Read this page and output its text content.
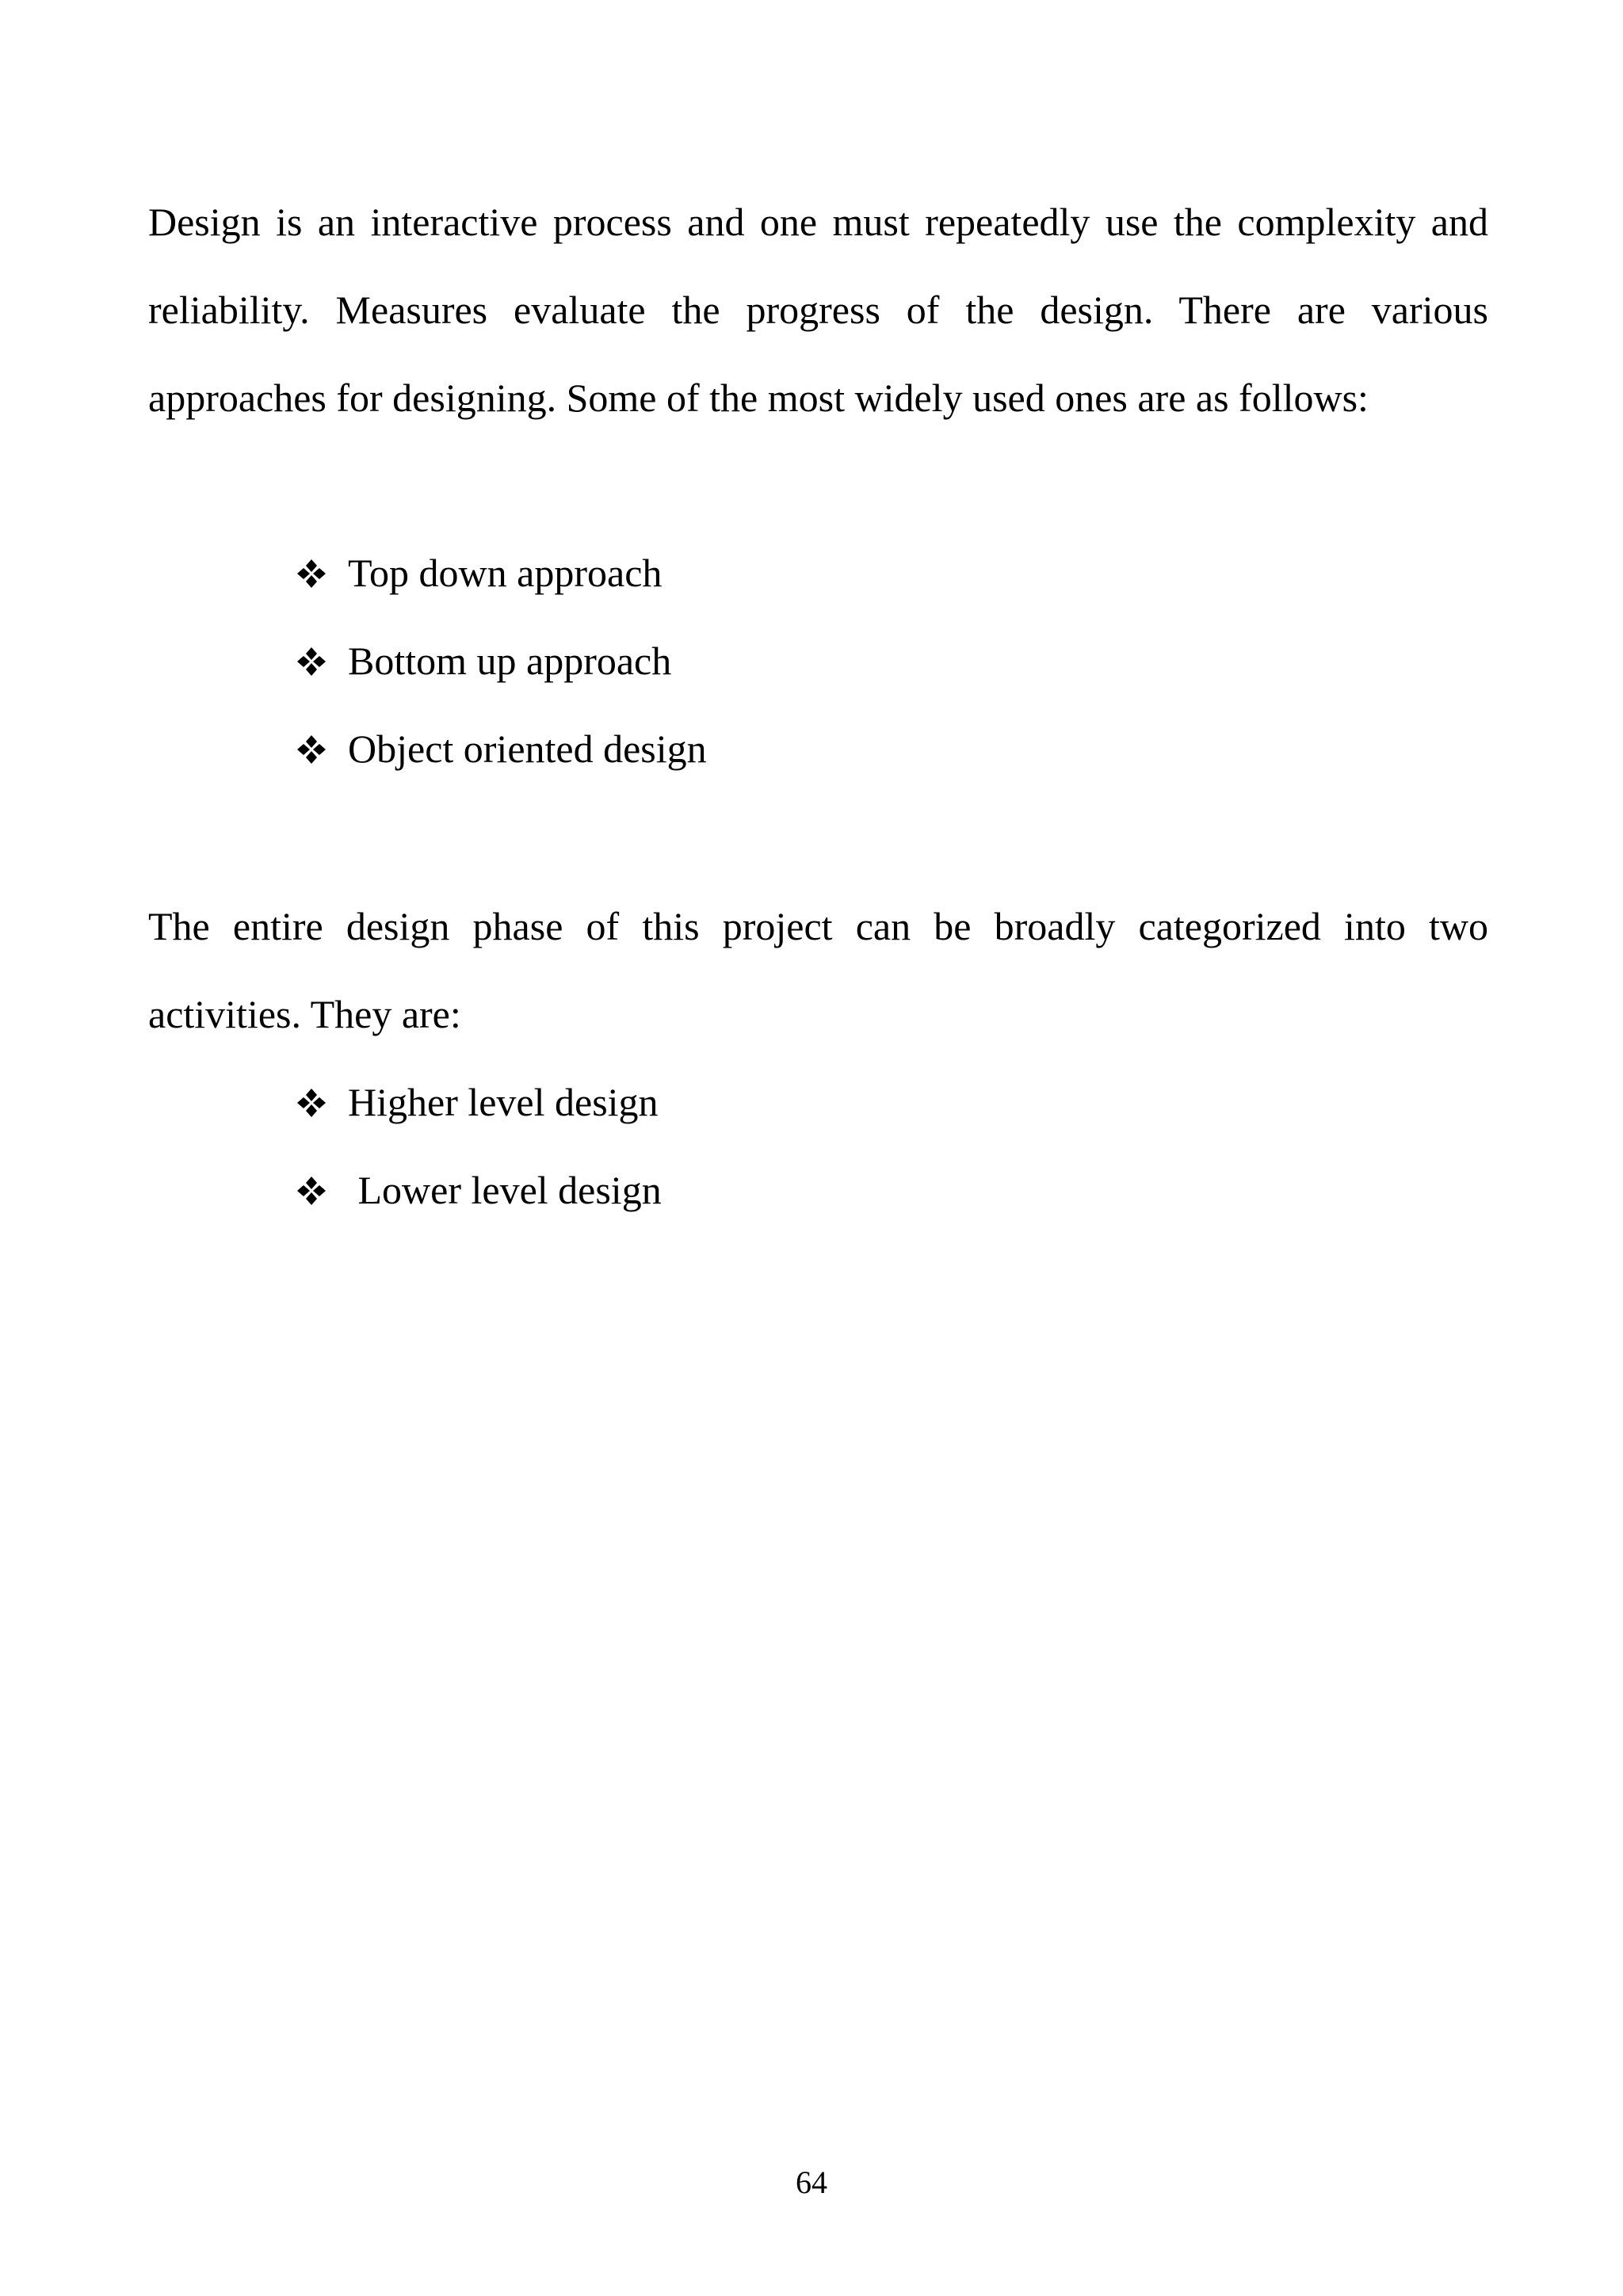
Design is an interactive process and one must repeatedly use the complexity and reliability. Measures evaluate the progress of the design. There are various approaches for designing. Some of the most widely used ones are as follows:

Top down approach
Bottom up approach
Object oriented design

The entire design phase of this project can be broadly categorized into two activities. They are:

Higher level design
Lower level design

64
